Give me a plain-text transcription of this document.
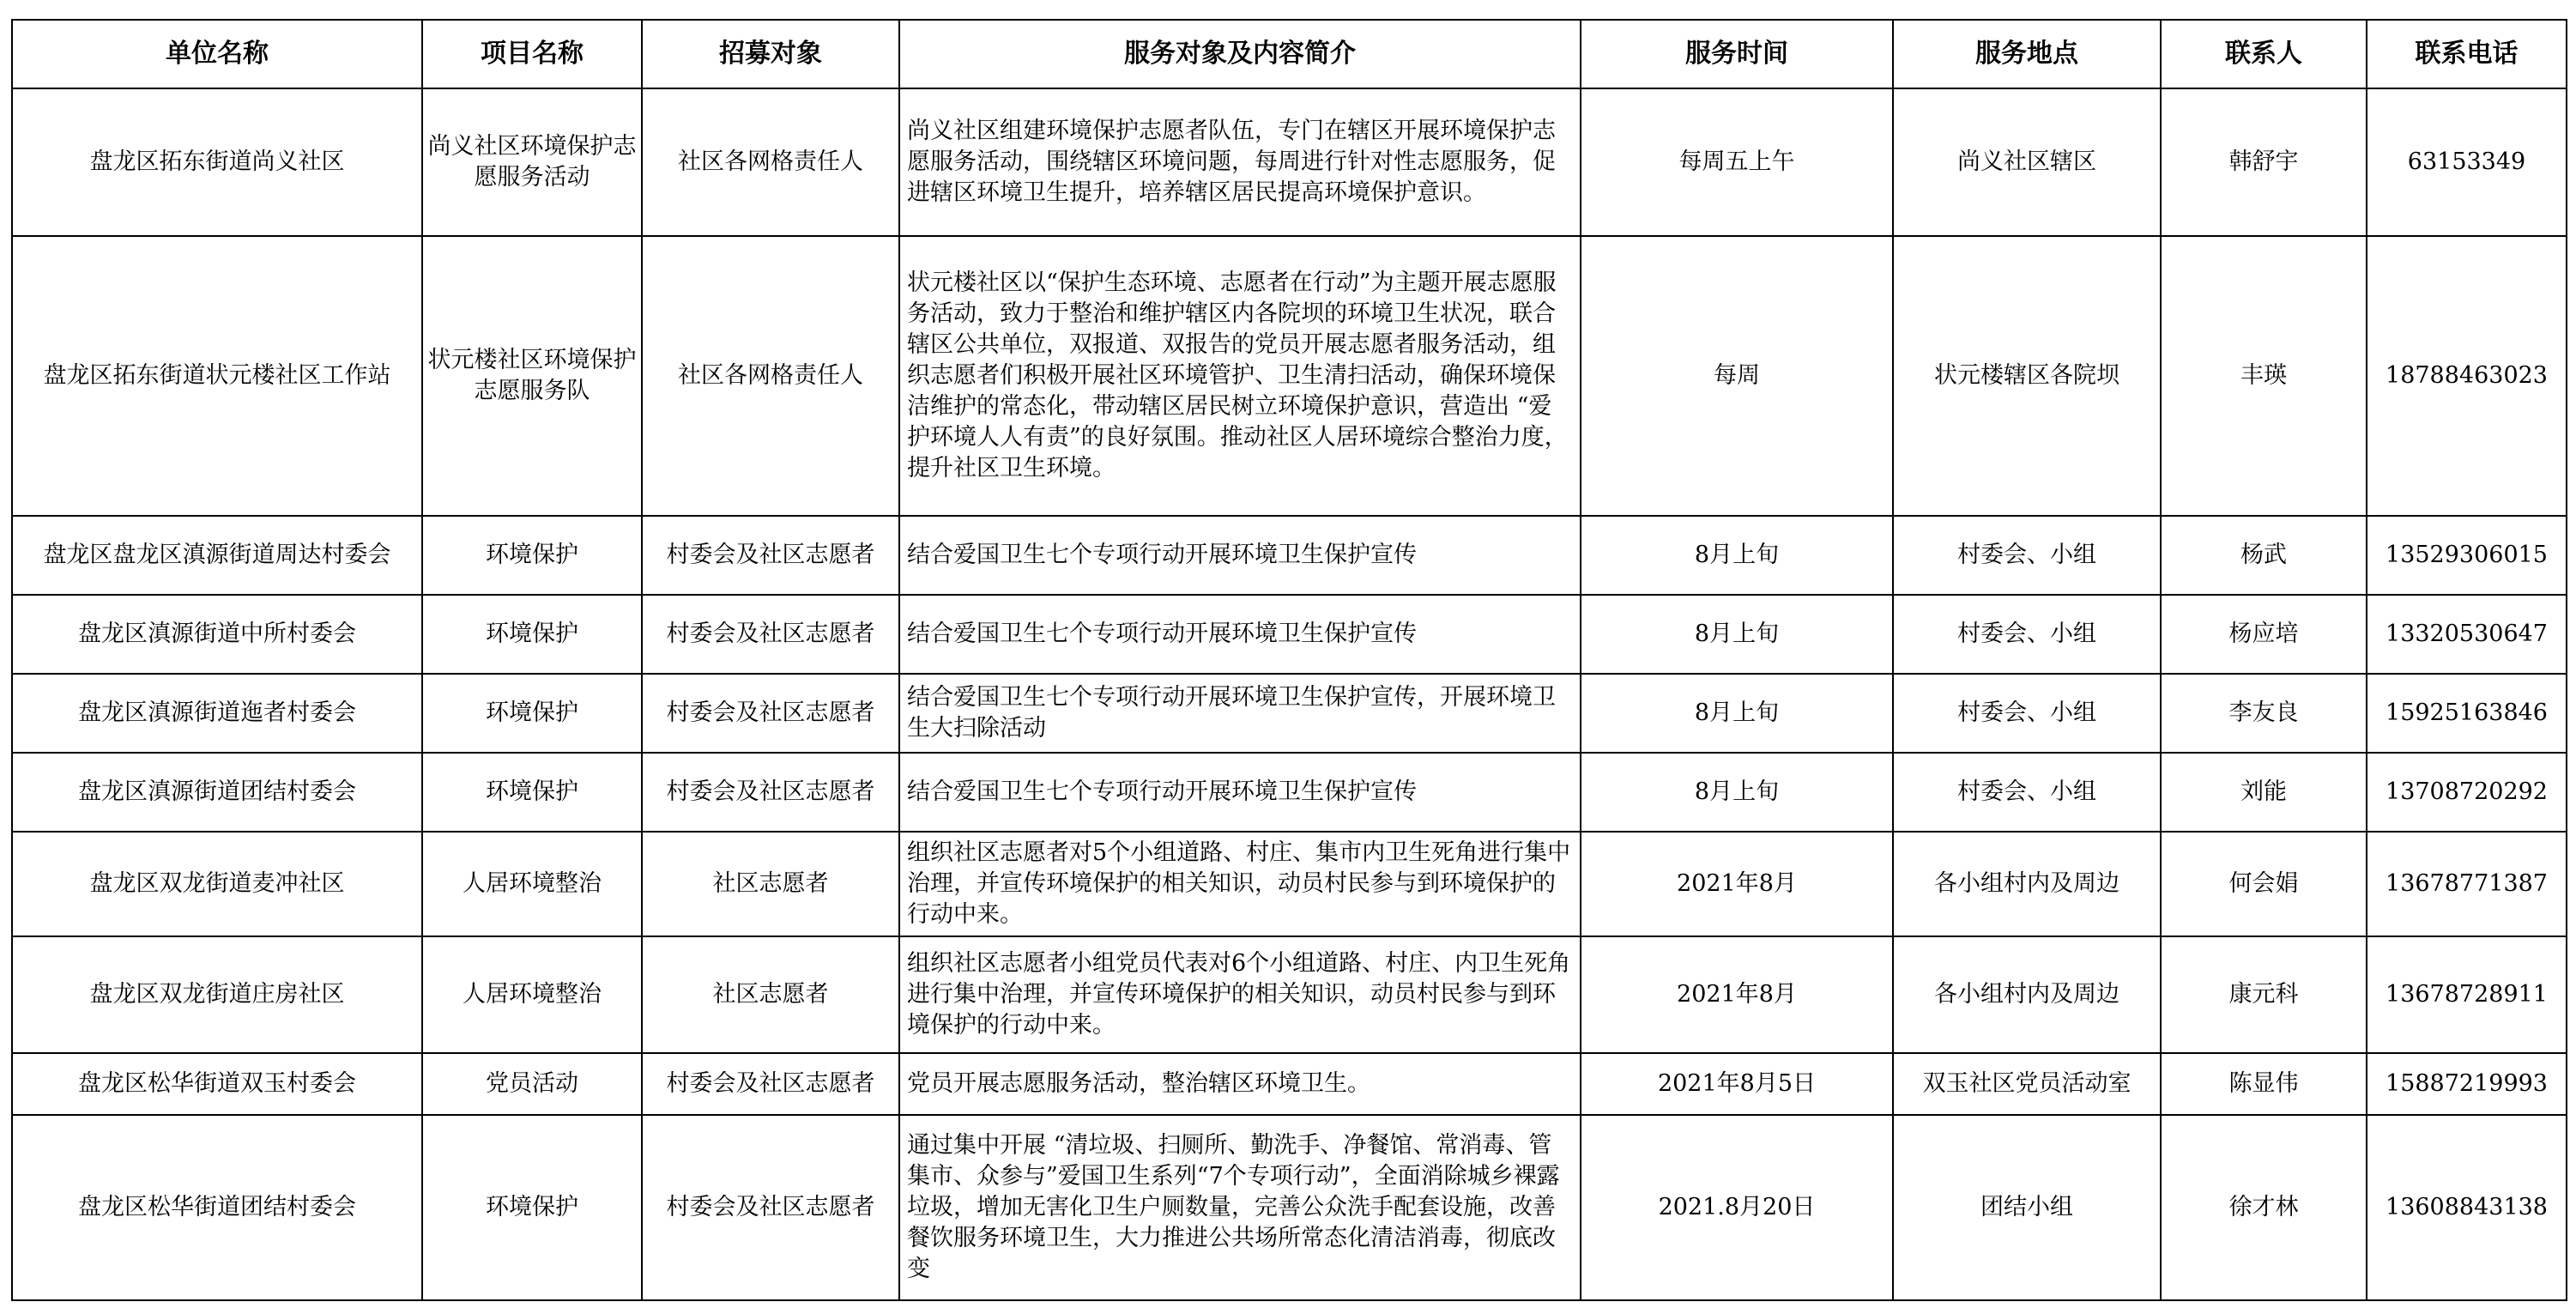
单位名称	项目名称	招募对象	服务对象及内容简介	服务时间	服务地点	联系人	联系电话
盘龙区拓东街道尚义社区	尚义社区环境保护志愿服务活动	社区各网格责任人	尚义社区组建环境保护志愿者队伍，专门在辖区开展环境保护志愿服务活动，围绕辖区环境问题，每周进行针对性志愿服务，促进辖区环境卫生提升，培养辖区居民提高环境保护意识。	每周五上午	尚义社区辖区	韩舒宇	63153349
盘龙区拓东街道状元楼社区工作站	状元楼社区环境保护志愿服务队	社区各网格责任人	状元楼社区以“保护生态环境、志愿者在行动”为主题开展志愿服务活动，致力于整治和维护辖区内各院坝的环境卫生状况，联合辖区公共单位，双报道、双报告的党员开展志愿者服务活动，组织志愿者们积极开展社区环境管护、卫生清扫活动，确保环境保洁维护的常态化，带动辖区居民树立环境保护意识，营造出 “爱护环境人人有责”的良好氛围。推动社区人居环境综合整治力度，提升社区卫生环境。	每周	状元楼辖区各院坝	丰瑛	18788463023
盘龙区盘龙区滇源街道周达村委会	环境保护	村委会及社区志愿者	结合爱国卫生七个专项行动开展环境卫生保护宣传	8月上旬	村委会、小组	杨武	13529306015
盘龙区滇源街道中所村委会	环境保护	村委会及社区志愿者	结合爱国卫生七个专项行动开展环境卫生保护宣传	8月上旬	村委会、小组	杨应培	13320530647
盘龙区滇源街道迤者村委会	环境保护	村委会及社区志愿者	结合爱国卫生七个专项行动开展环境卫生保护宣传，开展环境卫生大扫除活动	8月上旬	村委会、小组	李友良	15925163846
盘龙区滇源街道团结村委会	环境保护	村委会及社区志愿者	结合爱国卫生七个专项行动开展环境卫生保护宣传	8月上旬	村委会、小组	刘能	13708720292
盘龙区双龙街道麦冲社区	人居环境整治	社区志愿者	组织社区志愿者对5个小组道路、村庄、集市内卫生死角进行集中治理，并宣传环境保护的相关知识，动员村民参与到环境保护的行动中来。	2021年8月	各小组村内及周边	何会娟	13678771387
盘龙区双龙街道庄房社区	人居环境整治	社区志愿者	组织社区志愿者小组党员代表对6个小组道路、村庄、内卫生死角进行集中治理，并宣传环境保护的相关知识，动员村民参与到环境保护的行动中来。	2021年8月	各小组村内及周边	康元科	13678728911
盘龙区松华街道双玉村委会	党员活动	村委会及社区志愿者	党员开展志愿服务活动，整治辖区环境卫生。	2021年8月5日	双玉社区党员活动室	陈显伟	15887219993
盘龙区松华街道团结村委会	环境保护	村委会及社区志愿者	通过集中开展 “清垃圾、扫厕所、勤洗手、净餐馆、常消毒、管集市、众参与”爱国卫生系列“7个专项行动”，全面消除城乡裸露垃圾，增加无害化卫生户厕数量，完善公众洗手配套设施，改善餐饮服务环境卫生，大力推进公共场所常态化清洁消毒，彻底改变	2021.8月20日	团结小组	徐才林	13608843138
